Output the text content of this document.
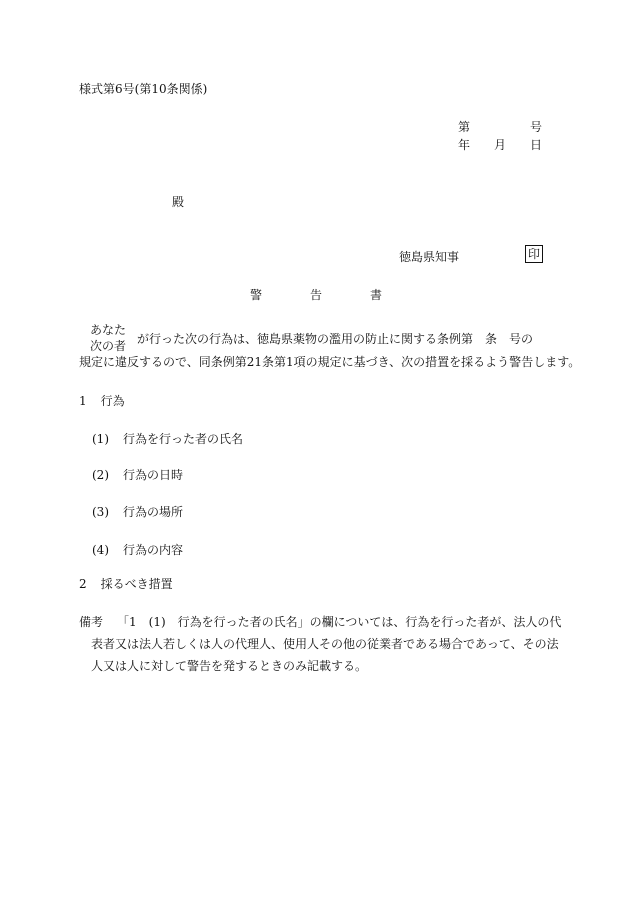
様式第6号(第10条関係)
第	号
年 月 日
殿
徳島県知事	印
警	告	書
あなた
次の者 が行った次の行為は、徳島県薬物の濫用の防止に関する条例第　条　号の
規定に違反するので、同条例第21条第1項の規定に基づき、次の措置を採るよう警告します。
1 行為
(1) 行為を行った者の氏名
(2) 行為の日時
(3) 行為の場所
(4) 行為の内容
2 採るべき措置
備考 「1　(1)　行為を行った者の氏名」の欄については、行為を行った者が、法人の代
表者又は法人若しくは人の代理人、使用人その他の従業者である場合であって、その法
人又は人に対して警告を発するときのみ記載する。
